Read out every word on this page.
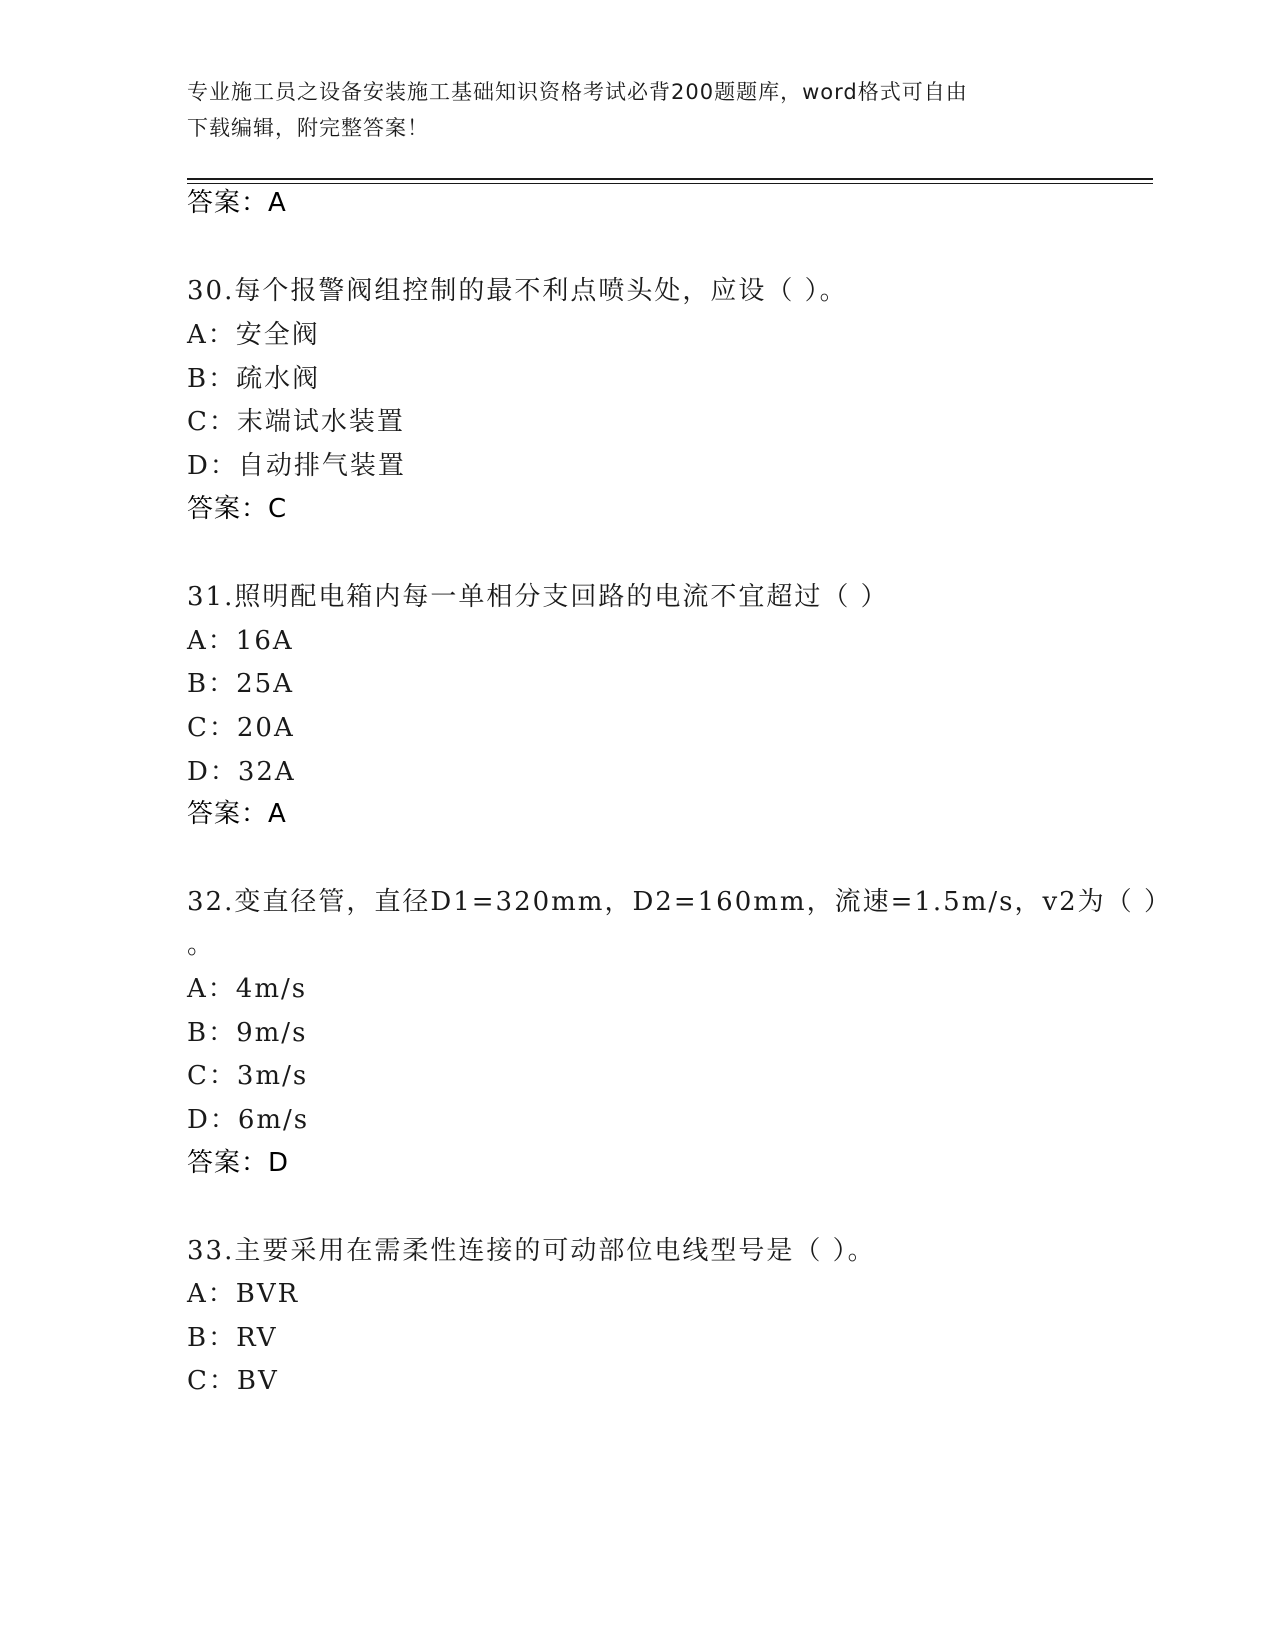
专业施工员之设备安装施工基础知识资格考试必背200题题库，word格式可自由
下载编辑，附完整答案！
答案：A
30.每个报警阀组控制的最不利点喷头处，应设（ ）。
A：安全阀
B：疏水阀
C：末端试水装置
D：自动排气装置
答案：C
31.照明配电箱内每一单相分支回路的电流不宜超过（ ）
A：16A
B：25A
C：20A
D：32A
答案：A
32.变直径管，直径D1=320mm，D2=160mm，流速=1.5m/s，v2为（ ）
。
A：4m/s
B：9m/s
C：3m/s
D：6m/s
答案：D
33.主要采用在需柔性连接的可动部位电线型号是（ ）。
A：BVR
B：RV
C：BV
